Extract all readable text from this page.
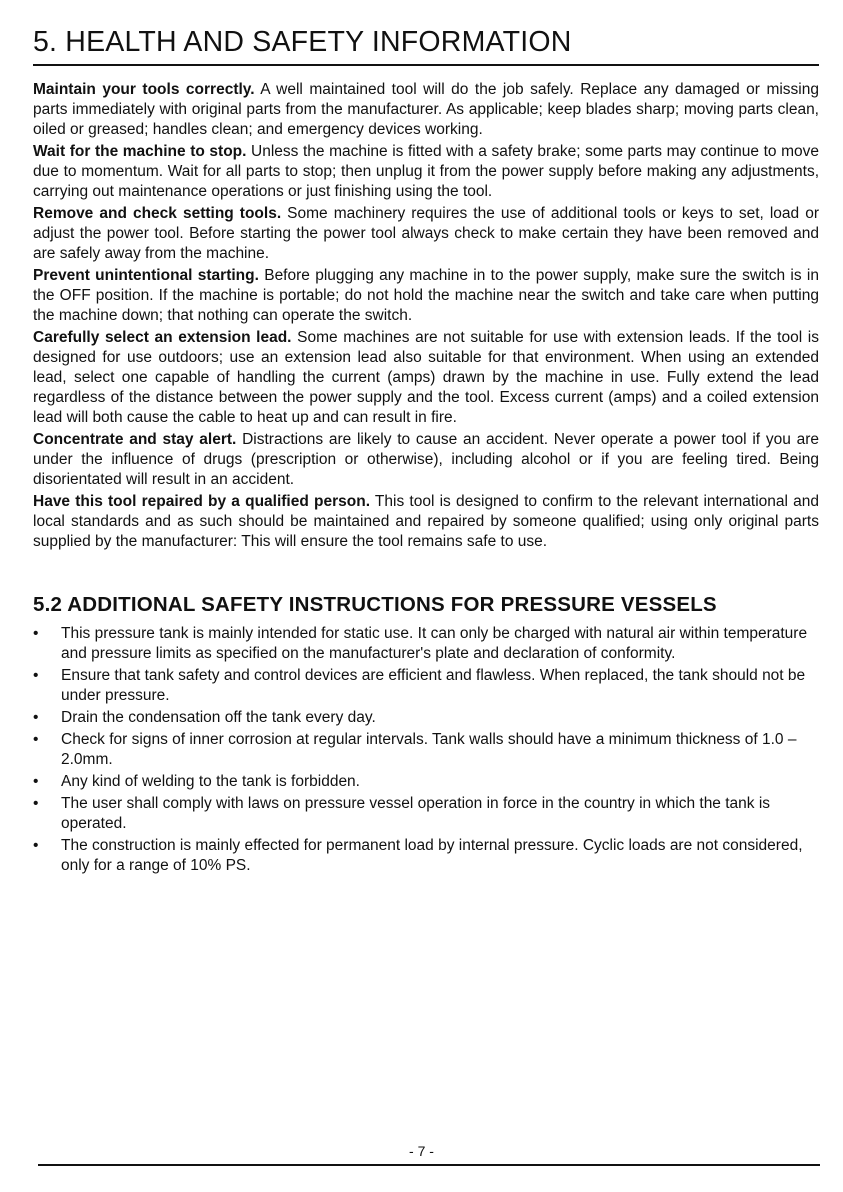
5. HEALTH AND SAFETY INFORMATION

Maintain your tools correctly. A well maintained tool will do the job safely. Replace any damaged or missing parts immediately with original parts from the manufacturer. As applicable; keep blades sharp; moving parts clean, oiled or greased; handles clean; and emergency devices working.

Wait for the machine to stop. Unless the machine is fitted with a safety brake; some parts may continue to move due to momentum. Wait for all parts to stop; then unplug it from the power supply before making any adjustments, carrying out maintenance operations or just finishing using the tool.

Remove and check setting tools. Some machinery requires the use of additional tools or keys to set, load or adjust the power tool. Before starting the power tool always check to make certain they have been removed and are safely away from the machine.

Prevent unintentional starting. Before plugging any machine in to the power supply, make sure the switch is in the OFF position. If the machine is portable; do not hold the machine near the switch and take care when putting the machine down; that nothing can operate the switch.

Carefully select an extension lead. Some machines are not suitable for use with extension leads. If the tool is designed for use outdoors; use an extension lead also suitable for that environment. When using an extended lead, select one capable of handling the current (amps) drawn by the machine in use. Fully extend the lead regardless of the distance between the power supply and the tool. Excess current (amps) and a coiled extension lead will both cause the cable to heat up and can result in fire.

Concentrate and stay alert. Distractions are likely to cause an accident. Never operate a power tool if you are under the influence of drugs (prescription or otherwise), including alcohol or if you are feeling tired. Being disorientated will result in an accident.

Have this tool repaired by a qualified person. This tool is designed to confirm to the relevant international and local standards and as such should be maintained and repaired by someone qualified; using only original parts supplied by the manufacturer: This will ensure the tool remains safe to use.

5.2 ADDITIONAL SAFETY INSTRUCTIONS FOR PRESSURE VESSELS
•	This pressure tank is mainly intended for static use. It can only be charged with natural air within temperature and pressure limits as specified on the manufacturer's plate and declaration of conformity.
•	Ensure that tank safety and control devices are efficient and flawless. When replaced, the tank should not be under pressure.
•	Drain the condensation off the tank every day.
•	Check for signs of inner corrosion at regular intervals. Tank walls should have a minimum thickness of 1.0 – 2.0mm.
•	Any kind of welding to the tank is forbidden.
•	The user shall comply with laws on pressure vessel operation in force in the country in which the tank is operated.
•	The construction is mainly effected for permanent load by internal pressure. Cyclic loads are not considered, only for a range of 10% PS.
- 7 -
